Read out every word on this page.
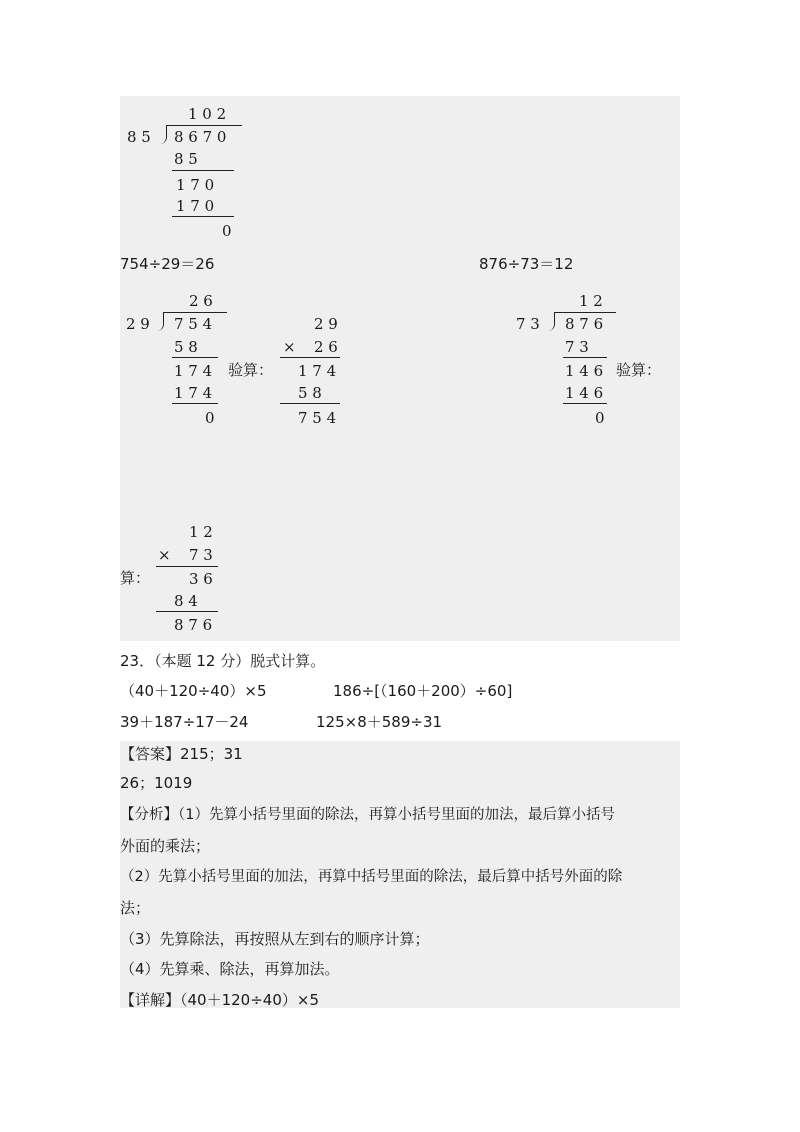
1 0 2
8 5 8 6 7 0
8 5
1 7 0
1 7 0
0
754÷29＝26	876÷73＝12
2 6
2 9 7 5 4
5 8
1 7 4 验算：
1 7 4
0
2 9
× 2 6
1 7 4
5 8
7 5 4
1 2
7 3 8 7 6
7 3
1 4 6 验算：
1 4 6
0
1 2
× 7 3
算：	3 6
8 4
8 7 6
23．（本题 12 分）脱式计算。
（40＋120÷40）×5	186÷[（160＋200）÷60]
39＋187÷17－24	125×8＋589÷31
【答案】215；31
26；1019
【分析】（1）先算小括号里面的除法，再算小括号里面的加法，最后算小括号
外面的乘法；
（2）先算小括号里面的加法，再算中括号里面的除法，最后算中括号外面的除
法；
（3）先算除法，再按照从左到右的顺序计算；
（4）先算乘、除法，再算加法。
【详解】（40＋120÷40）×5
